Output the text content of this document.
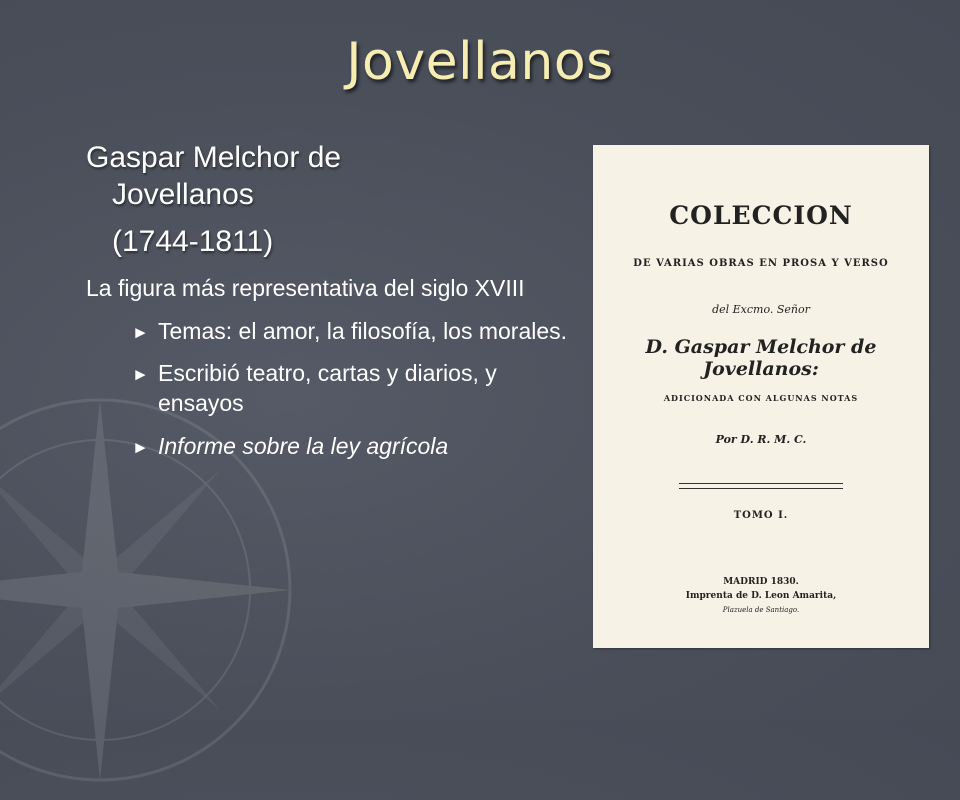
Jovellanos
Gaspar Melchor de
Jovellanos
(1744-1811)
La figura más representativa del siglo XVIII
► Temas: el amor, la filosofía, los morales.
► Escribió teatro, cartas y diarios, y ensayos
► Informe sobre la ley agrícola
COLECCION
DE VARIAS OBRAS EN PROSA Y VERSO
del Excmo. Señor
D. Gaspar Melchor de Jovellanos:
ADICIONADA CON ALGUNAS NOTAS
Por D. R. M. C.
TOMO I.
MADRID 1830.
Imprenta de D. Leon Amarita,
Plazuela de Santiago.
